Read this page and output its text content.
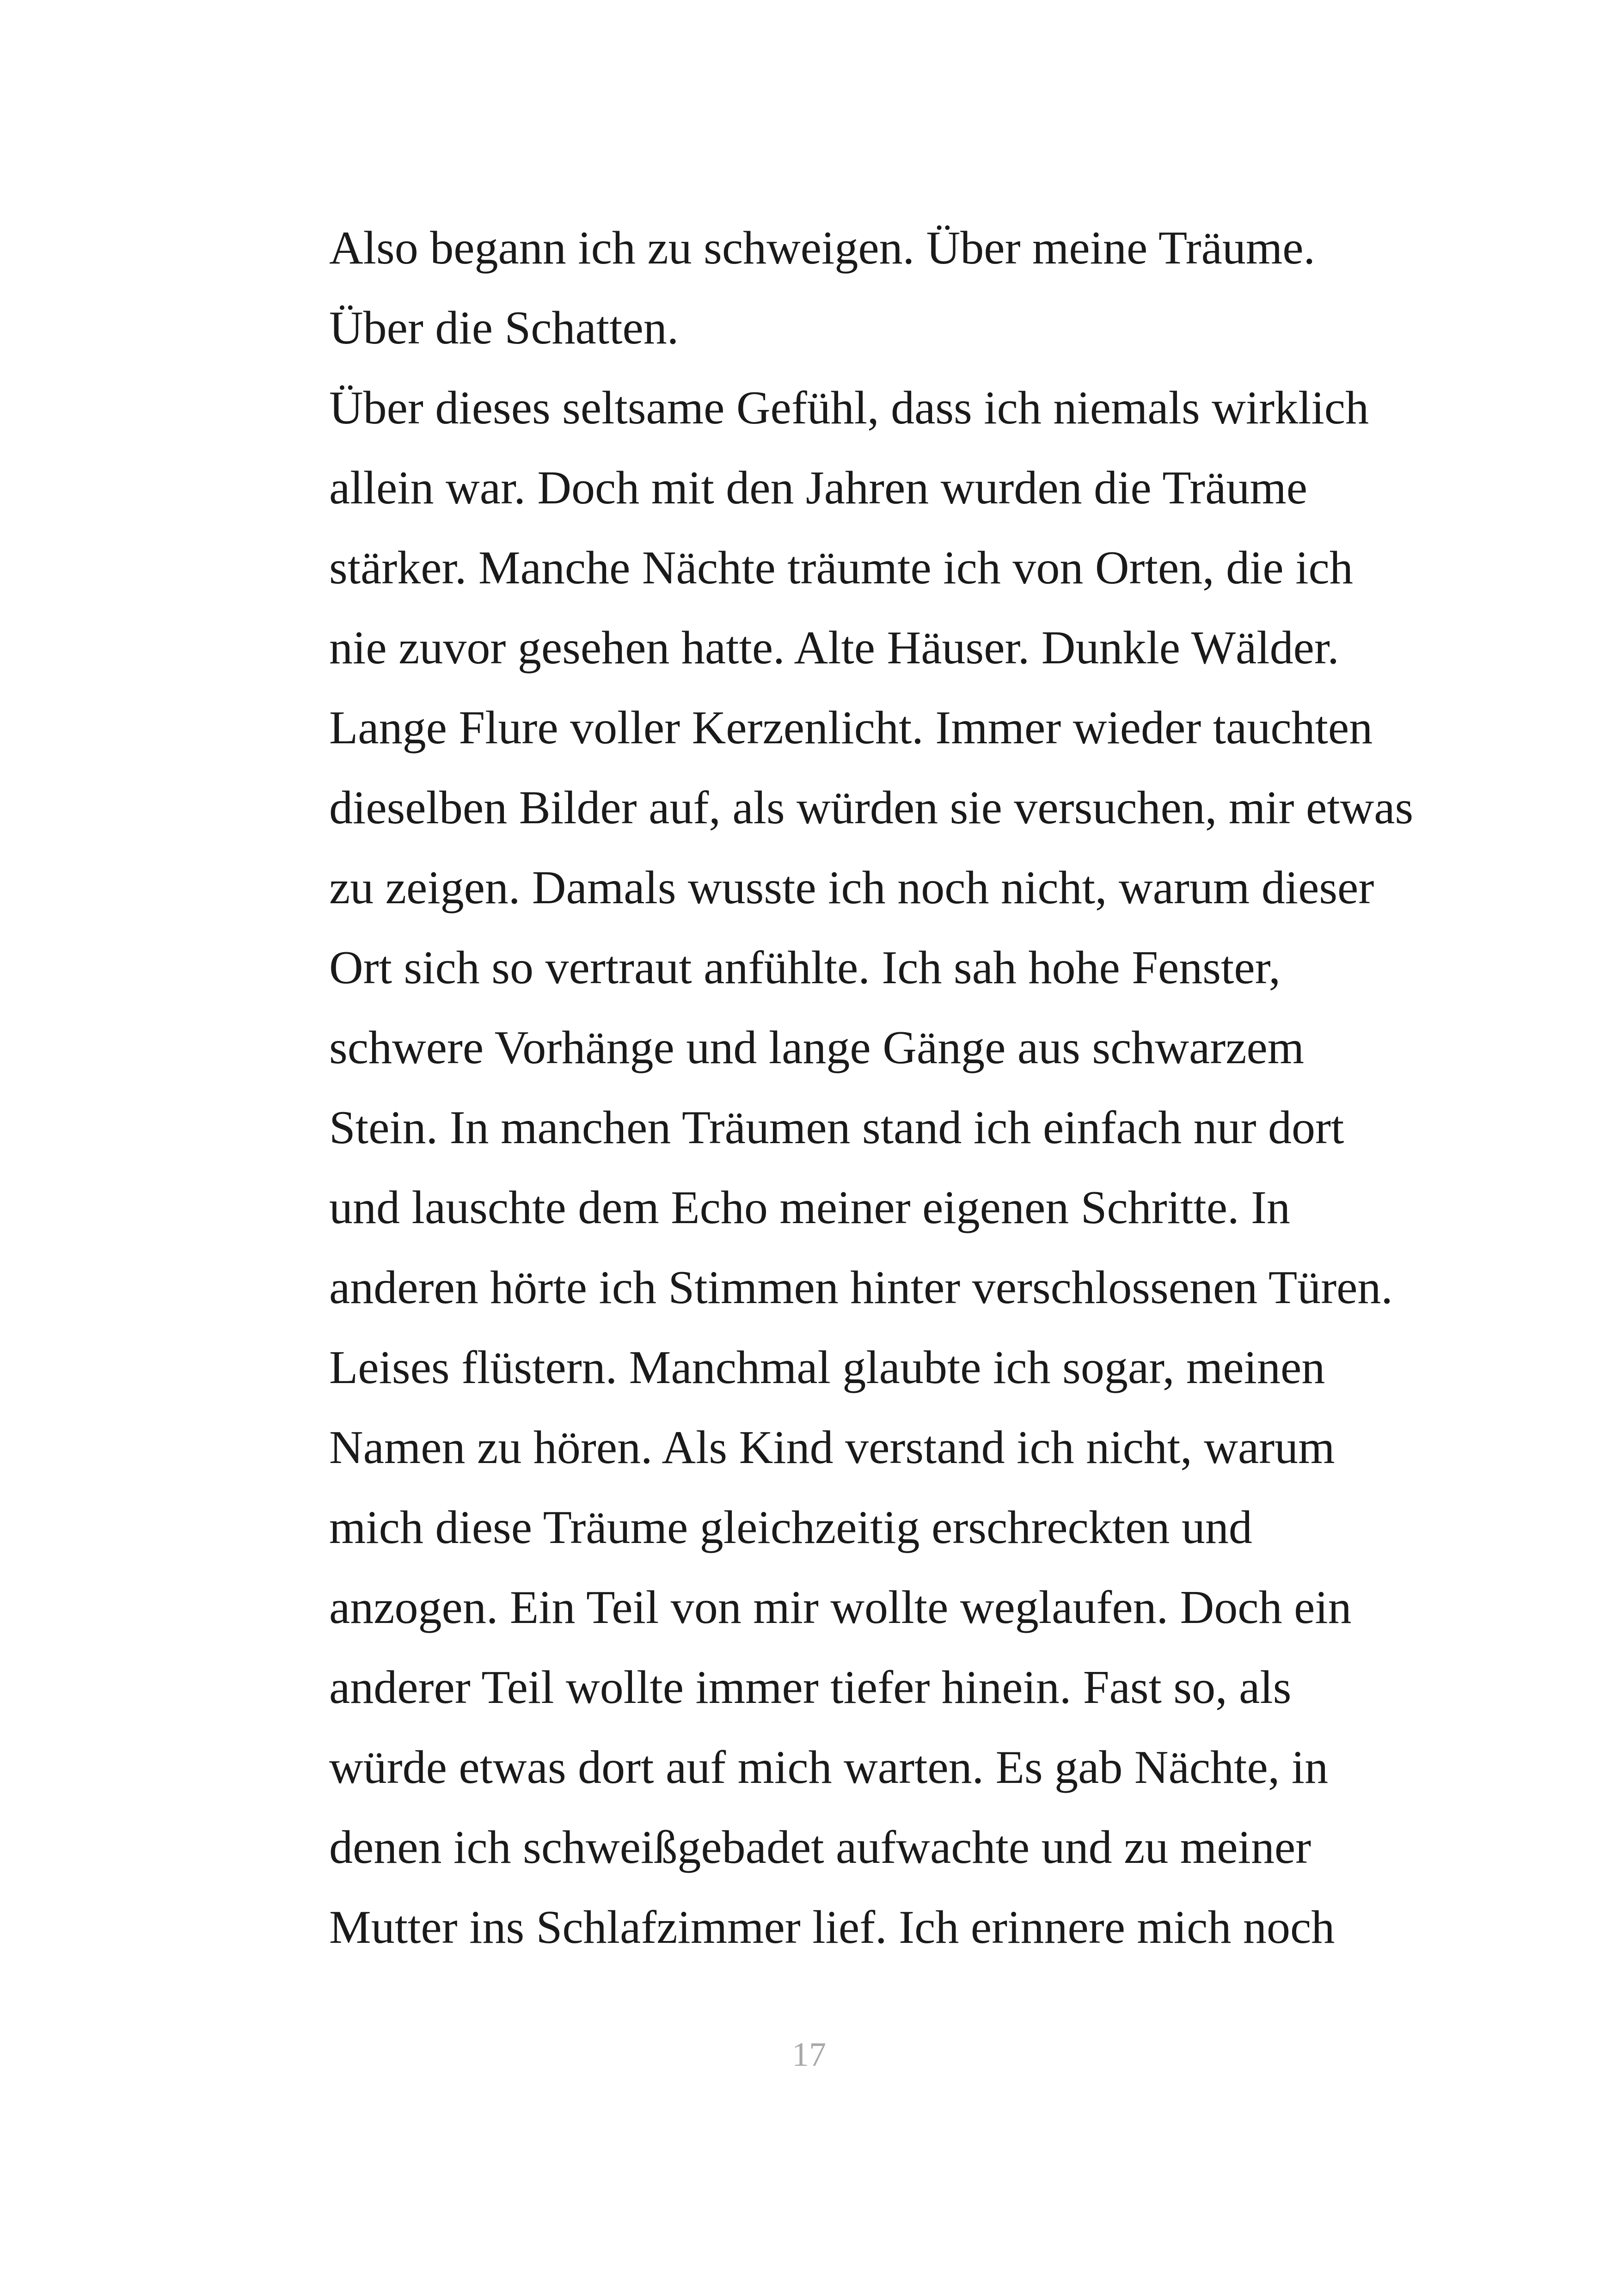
Also begann ich zu schweigen. Über meine Träume.
Über die Schatten.
Über dieses seltsame Gefühl, dass ich niemals wirklich
allein war. Doch mit den Jahren wurden die Träume
stärker. Manche Nächte träumte ich von Orten, die ich
nie zuvor gesehen hatte. Alte Häuser. Dunkle Wälder.
Lange Flure voller Kerzenlicht. Immer wieder tauchten
dieselben Bilder auf, als würden sie versuchen, mir etwas
zu zeigen. Damals wusste ich noch nicht, warum dieser
Ort sich so vertraut anfühlte. Ich sah hohe Fenster,
schwere Vorhänge und lange Gänge aus schwarzem
Stein. In manchen Träumen stand ich einfach nur dort
und lauschte dem Echo meiner eigenen Schritte. In
anderen hörte ich Stimmen hinter verschlossenen Türen.
Leises flüstern. Manchmal glaubte ich sogar, meinen
Namen zu hören. Als Kind verstand ich nicht, warum
mich diese Träume gleichzeitig erschreckten und
anzogen. Ein Teil von mir wollte weglaufen. Doch ein
anderer Teil wollte immer tiefer hinein. Fast so, als
würde etwas dort auf mich warten. Es gab Nächte, in
denen ich schweißgebadet aufwachte und zu meiner
Mutter ins Schlafzimmer lief. Ich erinnere mich noch
17
